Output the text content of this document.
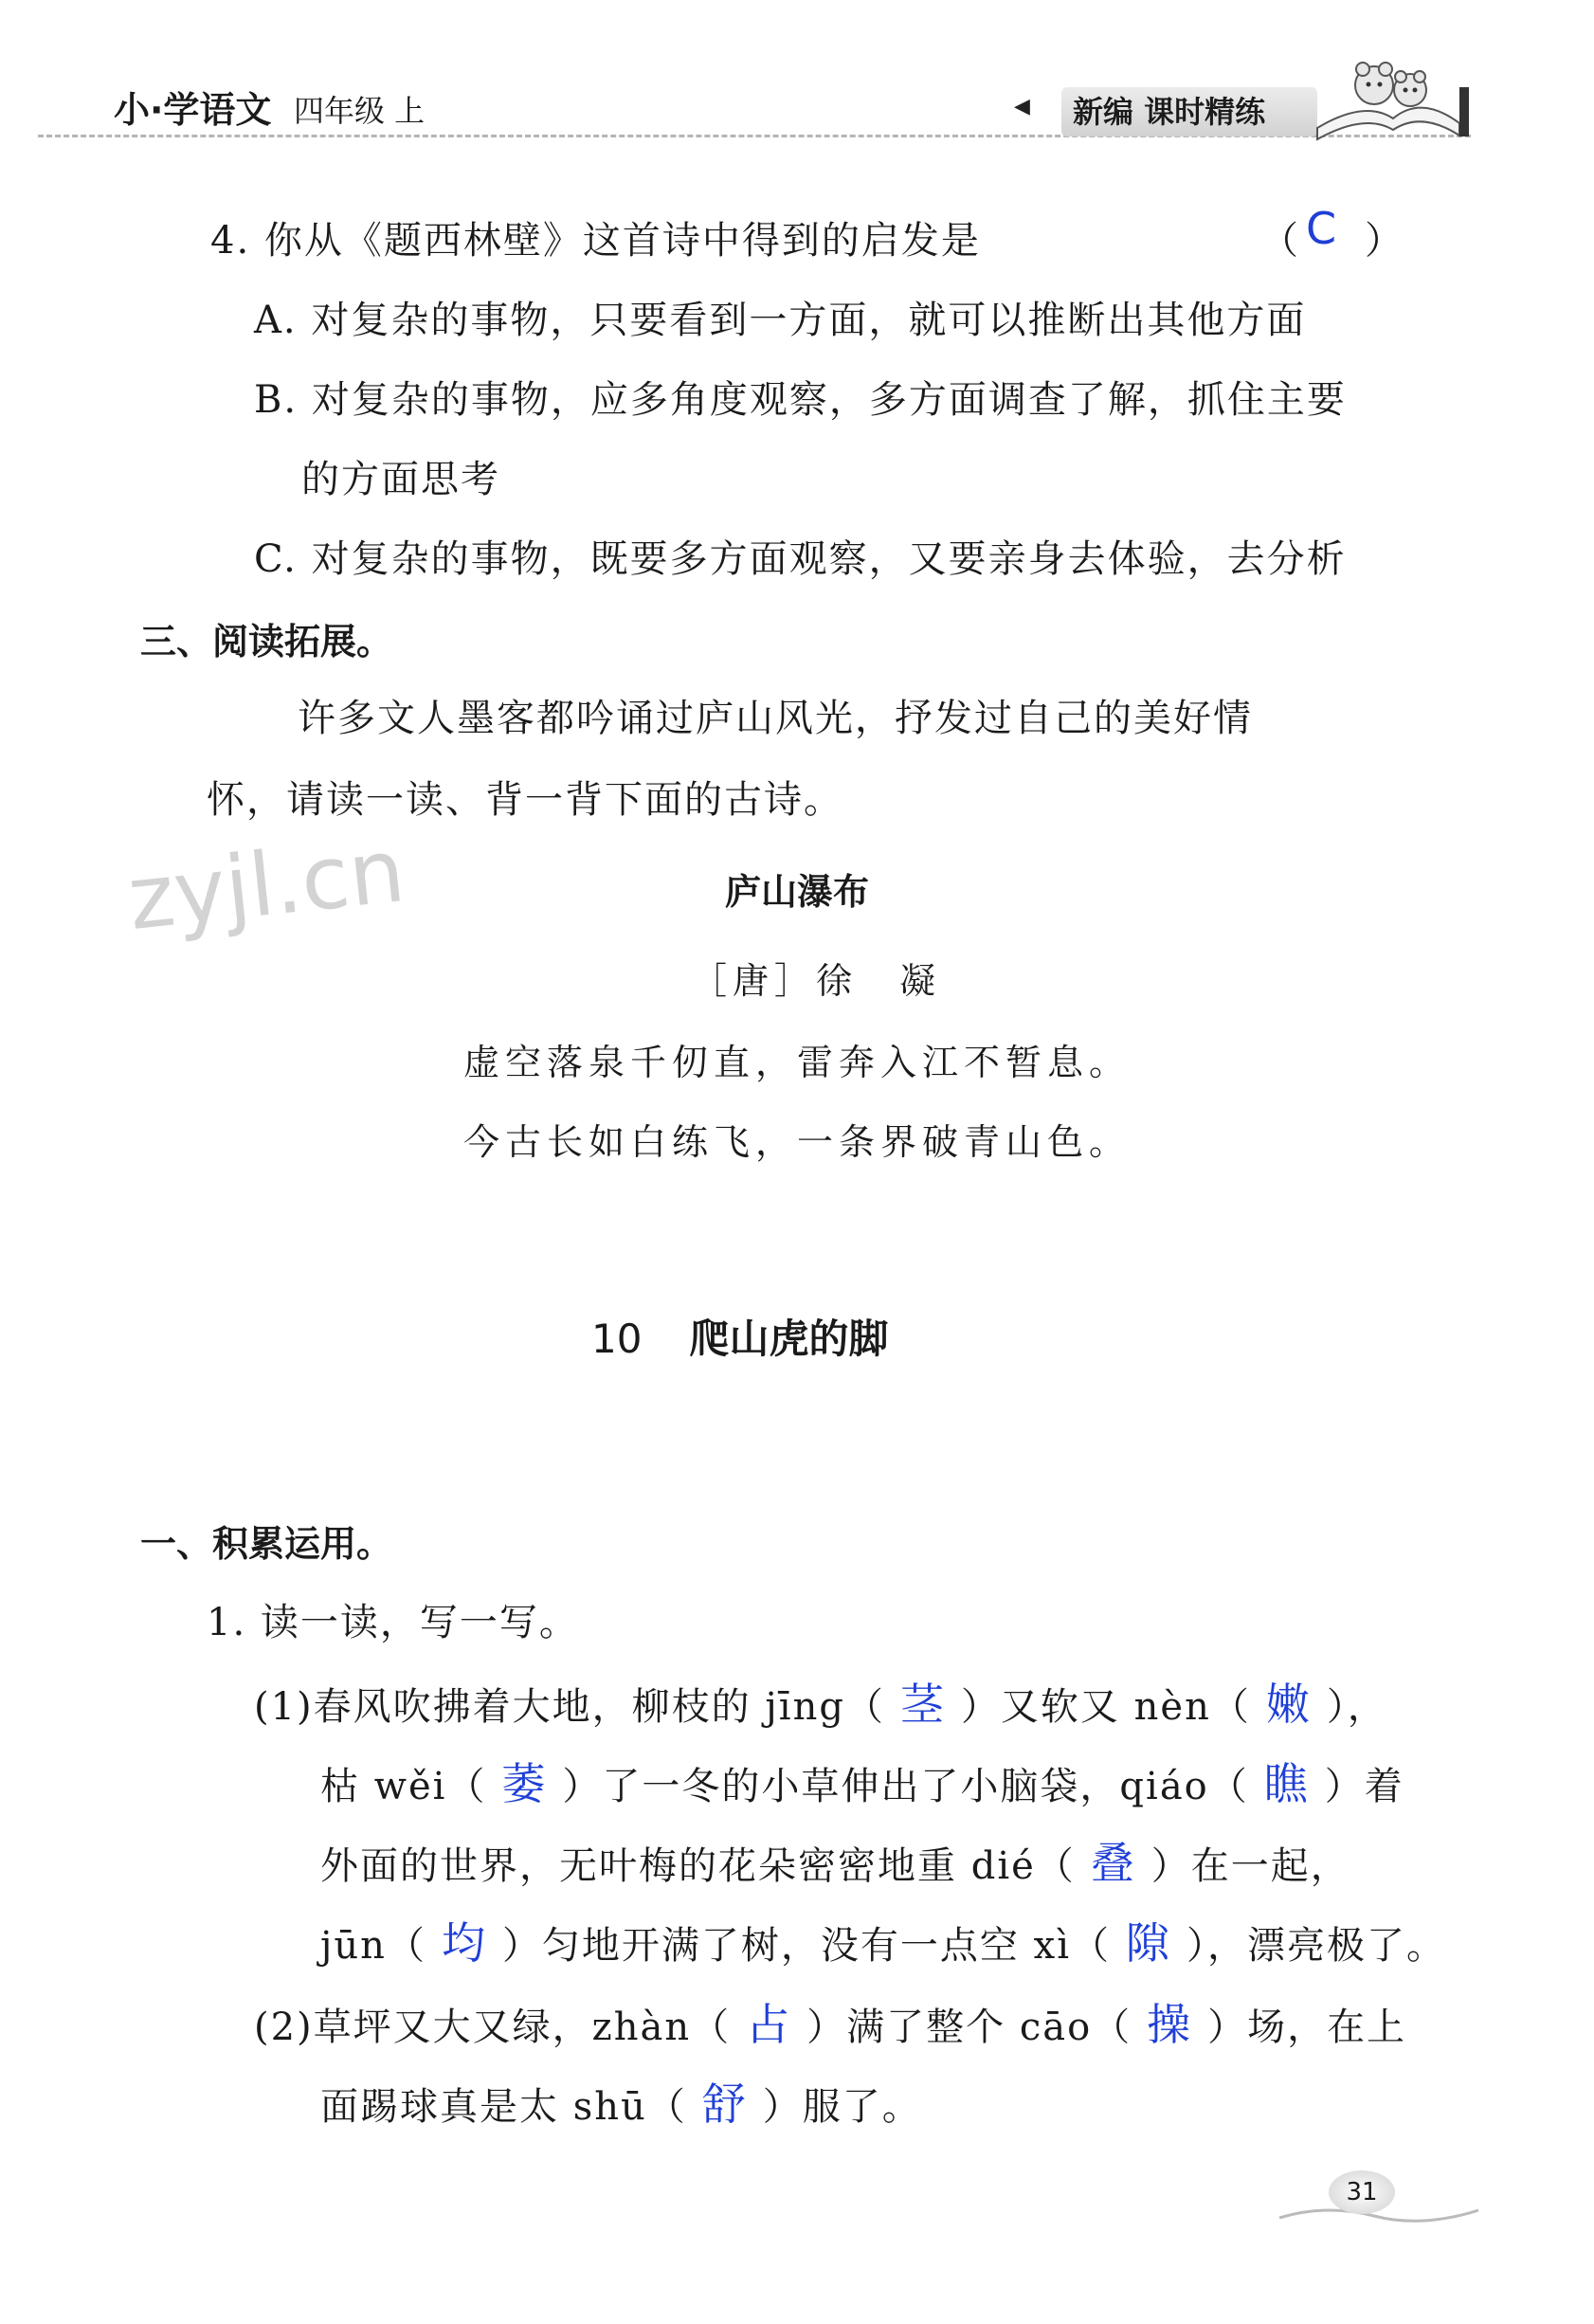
小·学语文 四年级 上	◀	新编 课时精练
4. 你从《题西林壁》这首诗中得到的启发是	（ C ）
A. 对复杂的事物，只要看到一方面，就可以推断出其他方面
B. 对复杂的事物，应多角度观察，多方面调查了解，抓住主要
的方面思考
C. 对复杂的事物，既要多方面观察，又要亲身去体验，去分析
三、阅读拓展。
许多文人墨客都吟诵过庐山风光，抒发过自己的美好情
怀，请读一读、背一背下面的古诗。
zyjl.cn	庐山瀑布
［唐］徐　凝
虚空落泉千仞直，雷奔入江不暂息。
今古长如白练飞，一条界破青山色。
10 爬山虎的脚
一、积累运用。
1. 读一读，写一写。
(1)春风吹拂着大地，柳枝的 jīng（ 茎 ）又软又 nèn（ 嫩 ），
枯 wěi（ 萎 ）了一冬的小草伸出了小脑袋，qiáo（ 瞧 ）着
外面的世界，无叶梅的花朵密密地重 dié（ 叠 ）在一起，
jūn（ 均 ）匀地开满了树，没有一点空 xì（ 隙 ），漂亮极了。
(2)草坪又大又绿，zhàn（ 占 ）满了整个 cāo（ 操 ）场，在上
面踢球真是太 shū（ 舒 ）服了。
31
